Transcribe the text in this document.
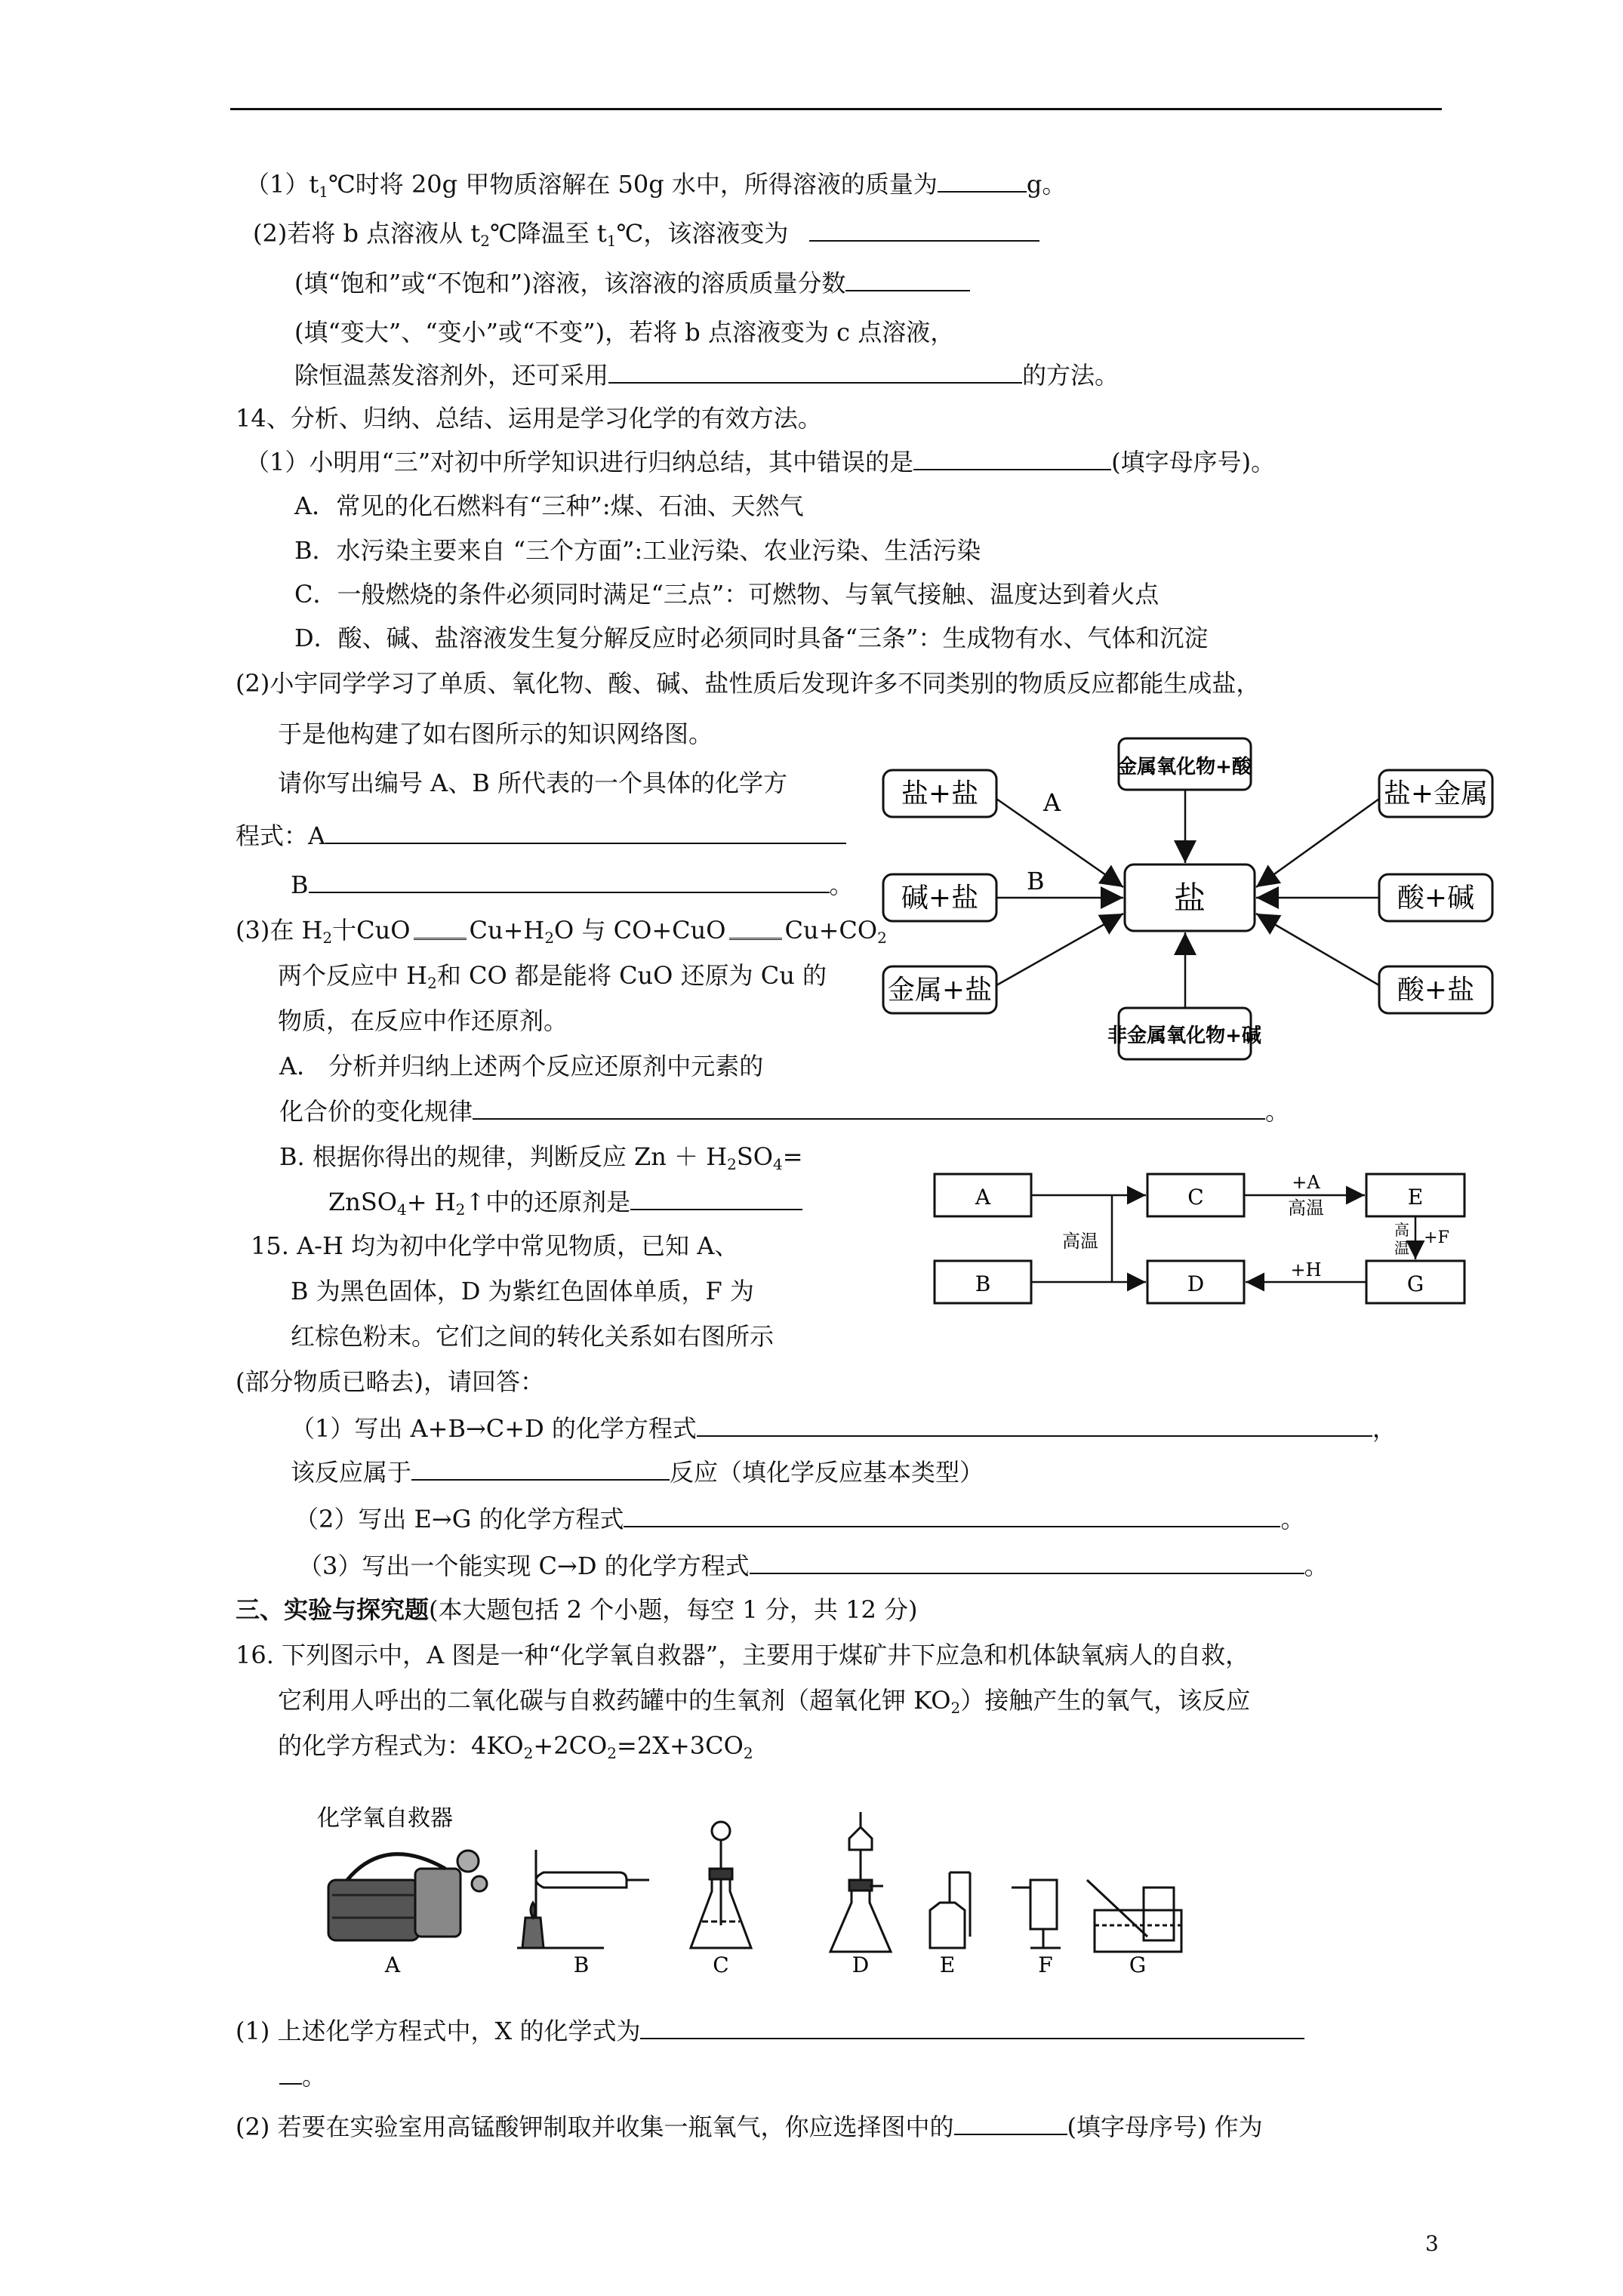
$(1)t_1℃$时将 20g 甲物质溶解在 50g 水中，所得溶液的质量为	g。
(2)若将 b 点溶液从 $t_2℃$降温至 $t_1℃$，该溶液变为
(填“饱和”或“不饱和”)溶液，该溶液的溶质质量分数
(填“变大”、“变小”或“不变”)，若将 b 点溶液变为 c 点溶液，
除恒温蒸发溶剂外，还可采用	的方法。
14、分析、归纳、总结、运用是学习化学的有效方法。
（1）小明用“三”对初中所学知识进行归纳总结，其中错误的是	(填字母序号)。
A．常见的化石燃料有“三种”:煤、石油、天然气
B．水污染主要来自 “三个方面”:工业污染、农业污染、生活污染
C．一般燃烧的条件必须同时满足“三点”：可燃物、与氧气接触、温度达到着火点
D．酸、碱、盐溶液发生复分解反应时必须同时具备“三条”：生成物有水、气体和沉淀
(2)小宇同学学习了单质、氧化物、酸、碱、盐性质后发现许多不同类别的物质反应都能生成盐，
于是他构建了如右图所示的知识网络图。
请你写出编号 A、B 所代表的一个具体的化学方
程式：A
B	。
(3)在 $H_2$十CuO $Cu+H_2O$ 与 CO+CuO $Cu+CO_2$
两个反应中 $H_2$和 CO 都是能将 CuO 还原为 Cu 的
物质，在反应中作还原剂。
A． 分析并归纳上述两个反应还原剂中元素的
化合价的变化规律	。
B. 根据你得出的规律，判断反应 $Zn + H_2SO_4=$
ZnSO$_4$+ $H_2↑$中的还原剂是
金属氧化物+酸
盐
非金属氧化物+碱
盐+盐
碱+盐
金属+盐
盐+金属
酸+碱
酸+盐
A
B
15. A-H 均为初中化学中常见物质，已知 A、
B 为黑色固体，D 为紫红色固体单质，F 为
红棕色粉末。它们之间的转化关系如右图所示
(部分物质已略去)，请回答：
（1）写出 A+B→C+D 的化学方程式	，
该反应属于	反应（填化学反应基本类型）
（2）写出 E→G 的化学方程式	。
（3）写出一个能实现 C→D 的化学方程式	。
A
B
C
D
E
G
高温
+A
高温
+H
高
温
+F
三、实验与探究题(本大题包括 2 个小题，每空 1 分，共 12 分)
16. 下列图示中，A 图是一种“化学氧自救器”，主要用于煤矿井下应急和机体缺氧病人的自救，
它利用人呼出的二氧化碳与自救药罐中的生氧剂（超氧化钾 $KO_2$）接触产生的氧气，该反应
的化学方程式为：$4KO_2+2CO_2=2X+3CO_2$
化学氧自救器
A	B	C	D	E	F	G
(1) 上述化学方程式中，X 的化学式为
。
(2) 若要在实验室用高锰酸钾制取并收集一瓶氧气，你应选择图中的	(填字母序号) 作为
3
